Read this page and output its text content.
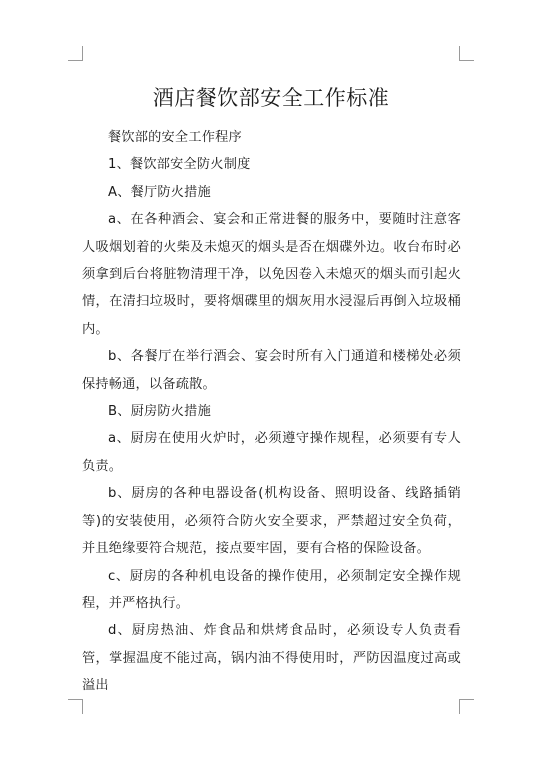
酒店餐饮部安全工作标准

餐饮部的安全工作程序

1、餐饮部安全防火制度

A、餐厅防火措施

a、在各种酒会、宴会和正常进餐的服务中，要随时注意客人吸烟划着的火柴及未熄灭的烟头是否在烟碟外边。收台布时必须拿到后台将脏物清理干净，以免因卷入未熄灭的烟头而引起火情，在清扫垃圾时，要将烟碟里的烟灰用水浸湿后再倒入垃圾桶内。

b、各餐厅在举行酒会、宴会时所有入门通道和楼梯处必须保持畅通，以备疏散。

B、厨房防火措施

a、厨房在使用火炉时，必须遵守操作规程，必须要有专人负责。

b、厨房的各种电器设备(机构设备、照明设备、线路插销等)的安装使用，必须符合防火安全要求，严禁超过安全负荷，并且绝缘要符合规范，接点要牢固，要有合格的保险设备。

c、厨房的各种机电设备的操作使用，必须制定安全操作规程，并严格执行。

d、厨房热油、炸食品和烘烤食品时，必须设专人负责看管，掌握温度不能过高，锅内油不得使用时，严防因温度过高或溢出
